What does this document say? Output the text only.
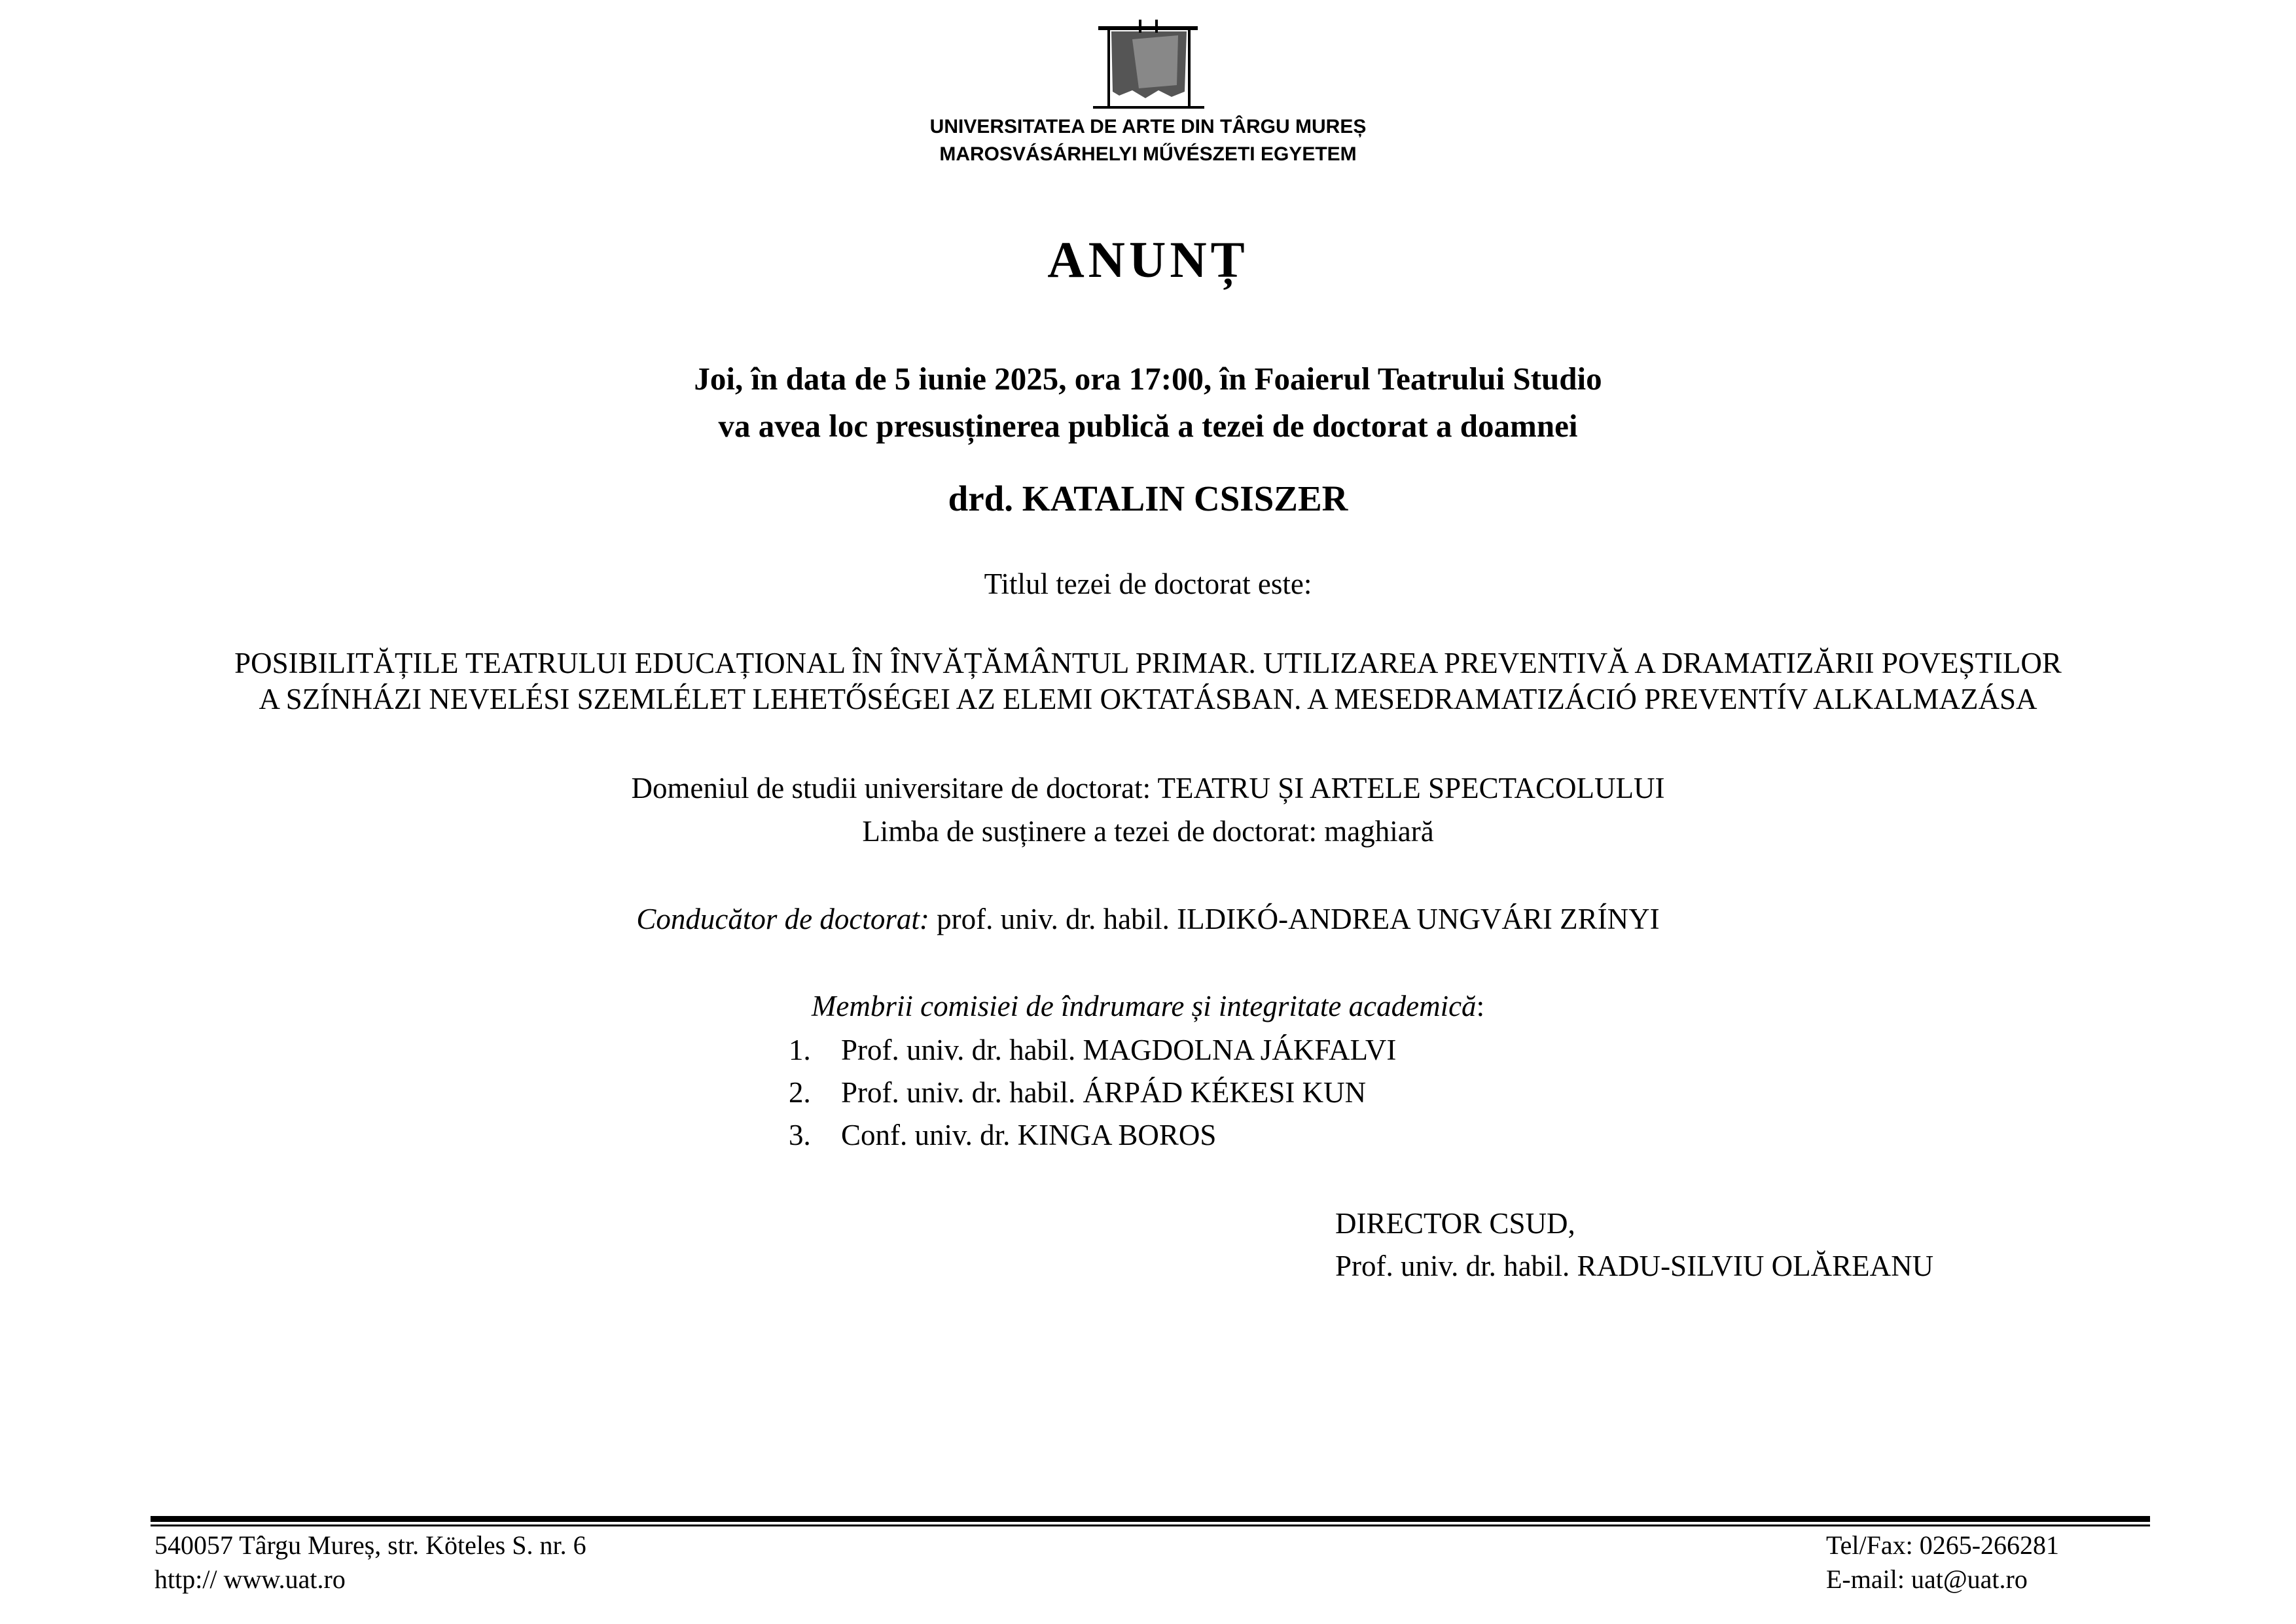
UNIVERSITATEA DE ARTE DIN TÂRGU MUREȘ
MAROSVÁSÁRHELYI MŰVÉSZETI EGYETEM
ANUNȚ
Joi, în data de 5 iunie 2025, ora 17:00, în Foaierul Teatrului Studio
va avea loc presusținerea publică a tezei de doctorat a doamnei
drd. KATALIN CSISZER
Titlul tezei de doctorat este:
POSIBILITĂȚILE TEATRULUI EDUCAȚIONAL ÎN ÎNVĂȚĂMÂNTUL PRIMAR. UTILIZAREA PREVENTIVĂ A DRAMATIZĂRII POVEȘTILOR
A SZÍNHÁZI NEVELÉSI SZEMLÉLET LEHETŐSÉGEI AZ ELEMI OKTATÁSBAN. A MESEDRAMATIZÁCIÓ PREVENTÍV ALKALMAZÁSA
Domeniul de studii universitare de doctorat: TEATRU ȘI ARTELE SPECTACOLULUI
Limba de susținere a tezei de doctorat: maghiară
Conducător de doctorat: prof. univ. dr. habil. ILDIKÓ-ANDREA UNGVÁRI ZRÍNYI
Membrii comisiei de îndrumare și integritate academică:
1.	Prof. univ. dr. habil. MAGDOLNA JÁKFALVI
2.	Prof. univ. dr. habil. ÁRPÁD KÉKESI KUN
3.	Conf. univ. dr. KINGA BOROS
DIRECTOR CSUD,
Prof. univ. dr. habil. RADU-SILVIU OLĂREANU
540057 Târgu Mureș, str. Köteles S. nr. 6
http:// www.uat.ro
Tel/Fax: 0265-266281
E-mail: uat@uat.ro
